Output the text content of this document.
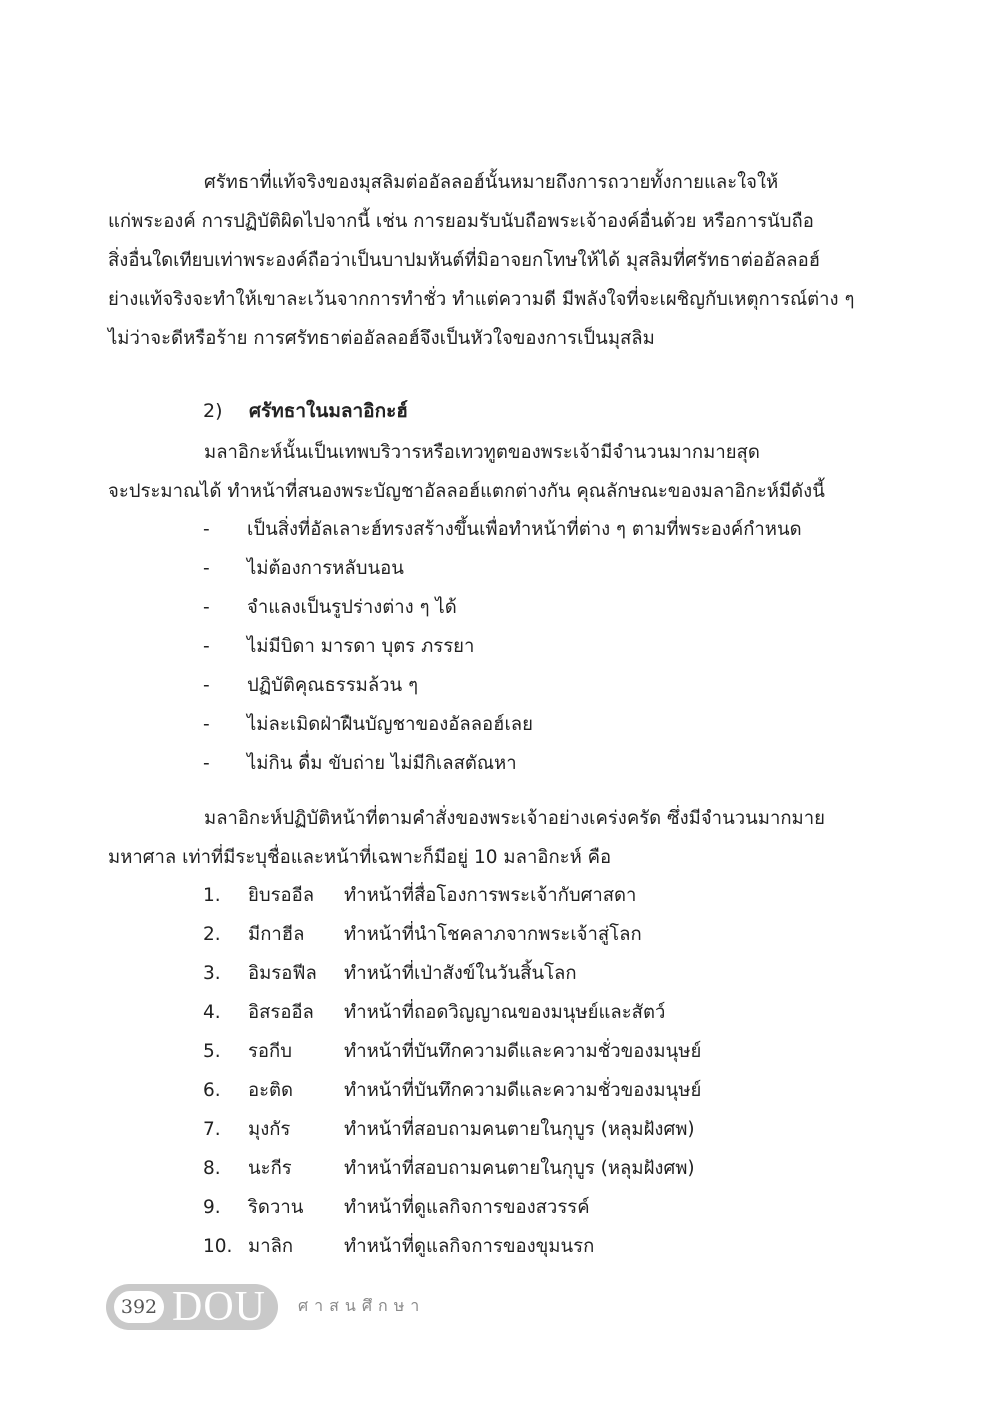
ศรัทธาที่แท้จริงของมุสลิมต่ออัลลอฮ์นั้นหมายถึงการถวายทั้งกายและใจให้
แก่พระองค์ การปฏิบัติผิดไปจากนี้ เช่น การยอมรับนับถือพระเจ้าองค์อื่นด้วย หรือการนับถือ
สิ่งอื่นใดเทียบเท่าพระองค์ถือว่าเป็นบาปมหันต์ที่มิอาจยกโทษให้ได้ มุสลิมที่ศรัทธาต่ออัลลอฮ์
ย่างแท้จริงจะทำให้เขาละเว้นจากการทำชั่ว ทำแต่ความดี มีพลังใจที่จะเผชิญกับเหตุการณ์ต่าง ๆ
ไม่ว่าจะดีหรือร้าย การศรัทธาต่ออัลลอฮ์จึงเป็นหัวใจของการเป็นมุสลิม
2) ศรัทธาในมลาอิกะฮ์
มลาอิกะห์นั้นเป็นเทพบริวารหรือเทวทูตของพระเจ้ามีจำนวนมากมายสุด
จะประมาณได้ ทำหน้าที่สนองพระบัญชาอัลลอฮ์แตกต่างกัน คุณลักษณะของมลาอิกะห์มีดังนี้
- เป็นสิ่งที่อัลเลาะฮ์ทรงสร้างขึ้นเพื่อทำหน้าที่ต่าง ๆ ตามที่พระองค์กำหนด
- ไม่ต้องการหลับนอน
- จำแลงเป็นรูปร่างต่าง ๆ ได้
- ไม่มีบิดา มารดา บุตร ภรรยา
- ปฏิบัติคุณธรรมล้วน ๆ
- ไม่ละเมิดฝ่าฝืนบัญชาของอัลลอฮ์เลย
- ไม่กิน ดื่ม ขับถ่าย ไม่มีกิเลสตัณหา
มลาอิกะห์ปฏิบัติหน้าที่ตามคำสั่งของพระเจ้าอย่างเคร่งครัด ซึ่งมีจำนวนมากมาย
มหาศาล เท่าที่มีระบุชื่อและหน้าที่เฉพาะก็มีอยู่ 10 มลาอิกะห์ คือ
1. ยิบรออีล ทำหน้าที่สื่อโองการพระเจ้ากับศาสดา
2. มีกาฮีล ทำหน้าที่นำโชคลาภจากพระเจ้าสู่โลก
3. อิมรอฟีล ทำหน้าที่เป่าสังข์ในวันสิ้นโลก
4. อิสรออีล ทำหน้าที่ถอดวิญญาณของมนุษย์และสัตว์
5. รอกีบ	ทำหน้าที่บันทึกความดีและความชั่วของมนุษย์
6. อะติด	ทำหน้าที่บันทึกความดีและความชั่วของมนุษย์
7. มุงกัร	ทำหน้าที่สอบถามคนตายในกุบูร (หลุมฝังศพ)
8. นะกีร	ทำหน้าที่สอบถามคนตายในกุบูร (หลุมฝังศพ)
9. ริดวาน ทำหน้าที่ดูแลกิจการของสวรรค์
10. มาลิก	ทำหน้าที่ดูแลกิจการของขุมนรก
392 DOU ศาสนศึกษา
